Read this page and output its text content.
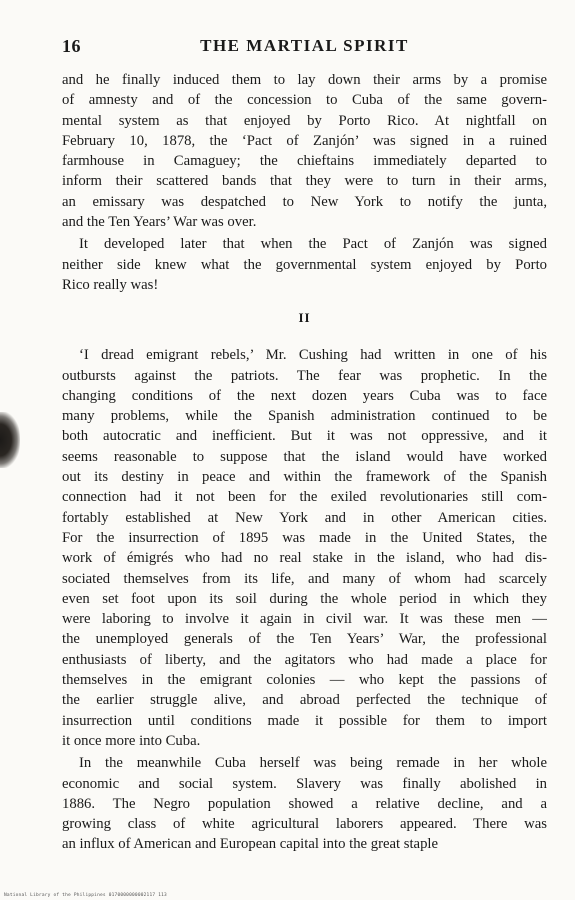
16	THE MARTIAL SPIRIT
and he finally induced them to lay down their arms by a promise
of amnesty and of the concession to Cuba of the same govern-
mental system as that enjoyed by Porto Rico. At nightfall on
February 10, 1878, the ‘Pact of Zanjón’ was signed in a ruined
farmhouse in Camaguey; the chieftains immediately departed to
inform their scattered bands that they were to turn in their arms,
an emissary was despatched to New York to notify the junta,
and the Ten Years’ War was over.
It developed later that when the Pact of Zanjón was signed
neither side knew what the governmental system enjoyed by Porto
Rico really was!
II
‘I dread emigrant rebels,’ Mr. Cushing had written in one of his
outbursts against the patriots. The fear was prophetic. In the
changing conditions of the next dozen years Cuba was to face
many problems, while the Spanish administration continued to be
both autocratic and inefficient. But it was not oppressive, and it
seems reasonable to suppose that the island would have worked
out its destiny in peace and within the framework of the Spanish
connection had it not been for the exiled revolutionaries still com-
fortably established at New York and in other American cities.
For the insurrection of 1895 was made in the United States, the
work of émigrés who had no real stake in the island, who had dis-
sociated themselves from its life, and many of whom had scarcely
even set foot upon its soil during the whole period in which they
were laboring to involve it again in civil war. It was these men —
the unemployed generals of the Ten Years’ War, the professional
enthusiasts of liberty, and the agitators who had made a place for
themselves in the emigrant colonies — who kept the passions of
the earlier struggle alive, and abroad perfected the technique of
insurrection until conditions made it possible for them to import
it once more into Cuba.
In the meanwhile Cuba herself was being remade in her whole
economic and social system. Slavery was finally abolished in
1886. The Negro population showed a relative decline, and a
growing class of white agricultural laborers appeared. There was
an influx of American and European capital into the great staple
National Library of the Philippines 0170000000002117 113
